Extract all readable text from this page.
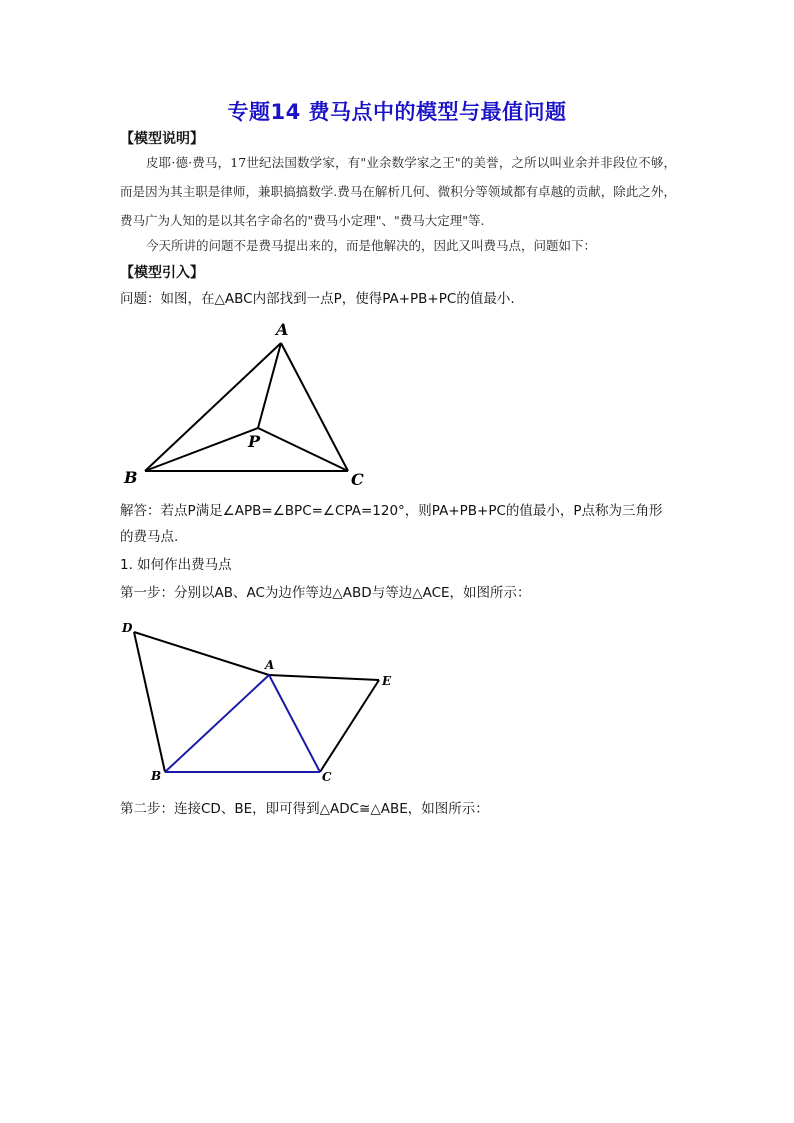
专题14 费马点中的模型与最值问题
【模型说明】
皮耶·德·费马，17世纪法国数学家，有"业余数学家之王"的美誉，之所以叫业余并非段位不够，而是因为其主职是律师，兼职搞搞数学.费马在解析几何、微积分等领域都有卓越的贡献，除此之外，费马广为人知的是以其名字命名的"费马小定理"、"费马大定理"等.
今天所讲的问题不是费马提出来的，而是他解决的，因此又叫费马点，问题如下：
【模型引入】
问题：如图，在△ABC内部找到一点P，使得PA+PB+PC的值最小.
A
B	C
P
解答：若点P满足∠APB=∠BPC=∠CPA=120°，则PA+PB+PC的值最小，P点称为三角形的费马点.
1. 如何作出费马点
第一步：分别以AB、AC为边作等边△ABD与等边△ACE，如图所示：
D
A
E
B	C
第二步：连接CD、BE，即可得到△ADC≅△ABE，如图所示：
